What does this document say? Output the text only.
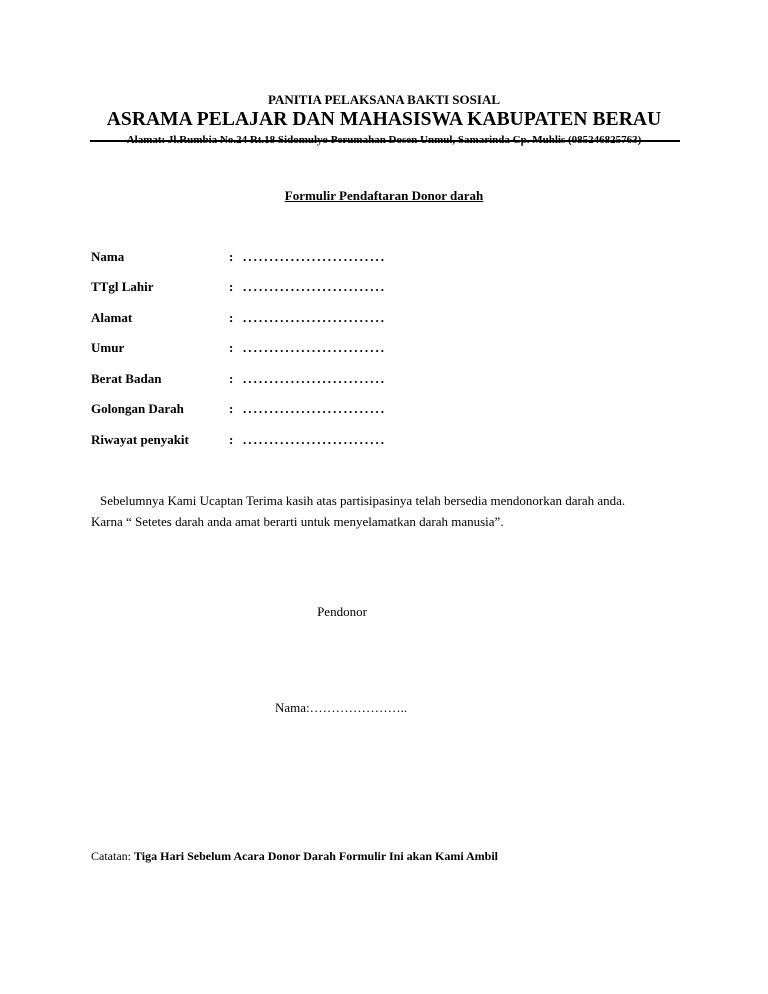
PANITIA PELAKSANA BAKTI SOSIAL
ASRAMA PELAJAR DAN MAHASISWA KABUPATEN BERAU
Alamat: Jl.Rumbia No.24 Rt.18 Sidomulyo Perumahan Dosen Unmul, Samarinda Cp. Muhlis (085246825763)
Formulir Pendaftaran Donor darah
Nama	: ...........................
TTgl Lahir	: ...........................
Alamat	: ...........................
Umur	: ...........................
Berat Badan	: ...........................
Golongan Darah	: ...........................
Riwayat penyakit	: ...........................

Sebelumnya Kami Ucaptan Terima kasih atas partisipasinya telah bersedia mendonorkan darah anda.

Karna “ Setetes darah anda amat berarti untuk menyelamatkan darah manusia”.

Pendonor
Nama:…………………..
Catatan: Tiga Hari Sebelum Acara Donor Darah Formulir Ini akan Kami Ambil
